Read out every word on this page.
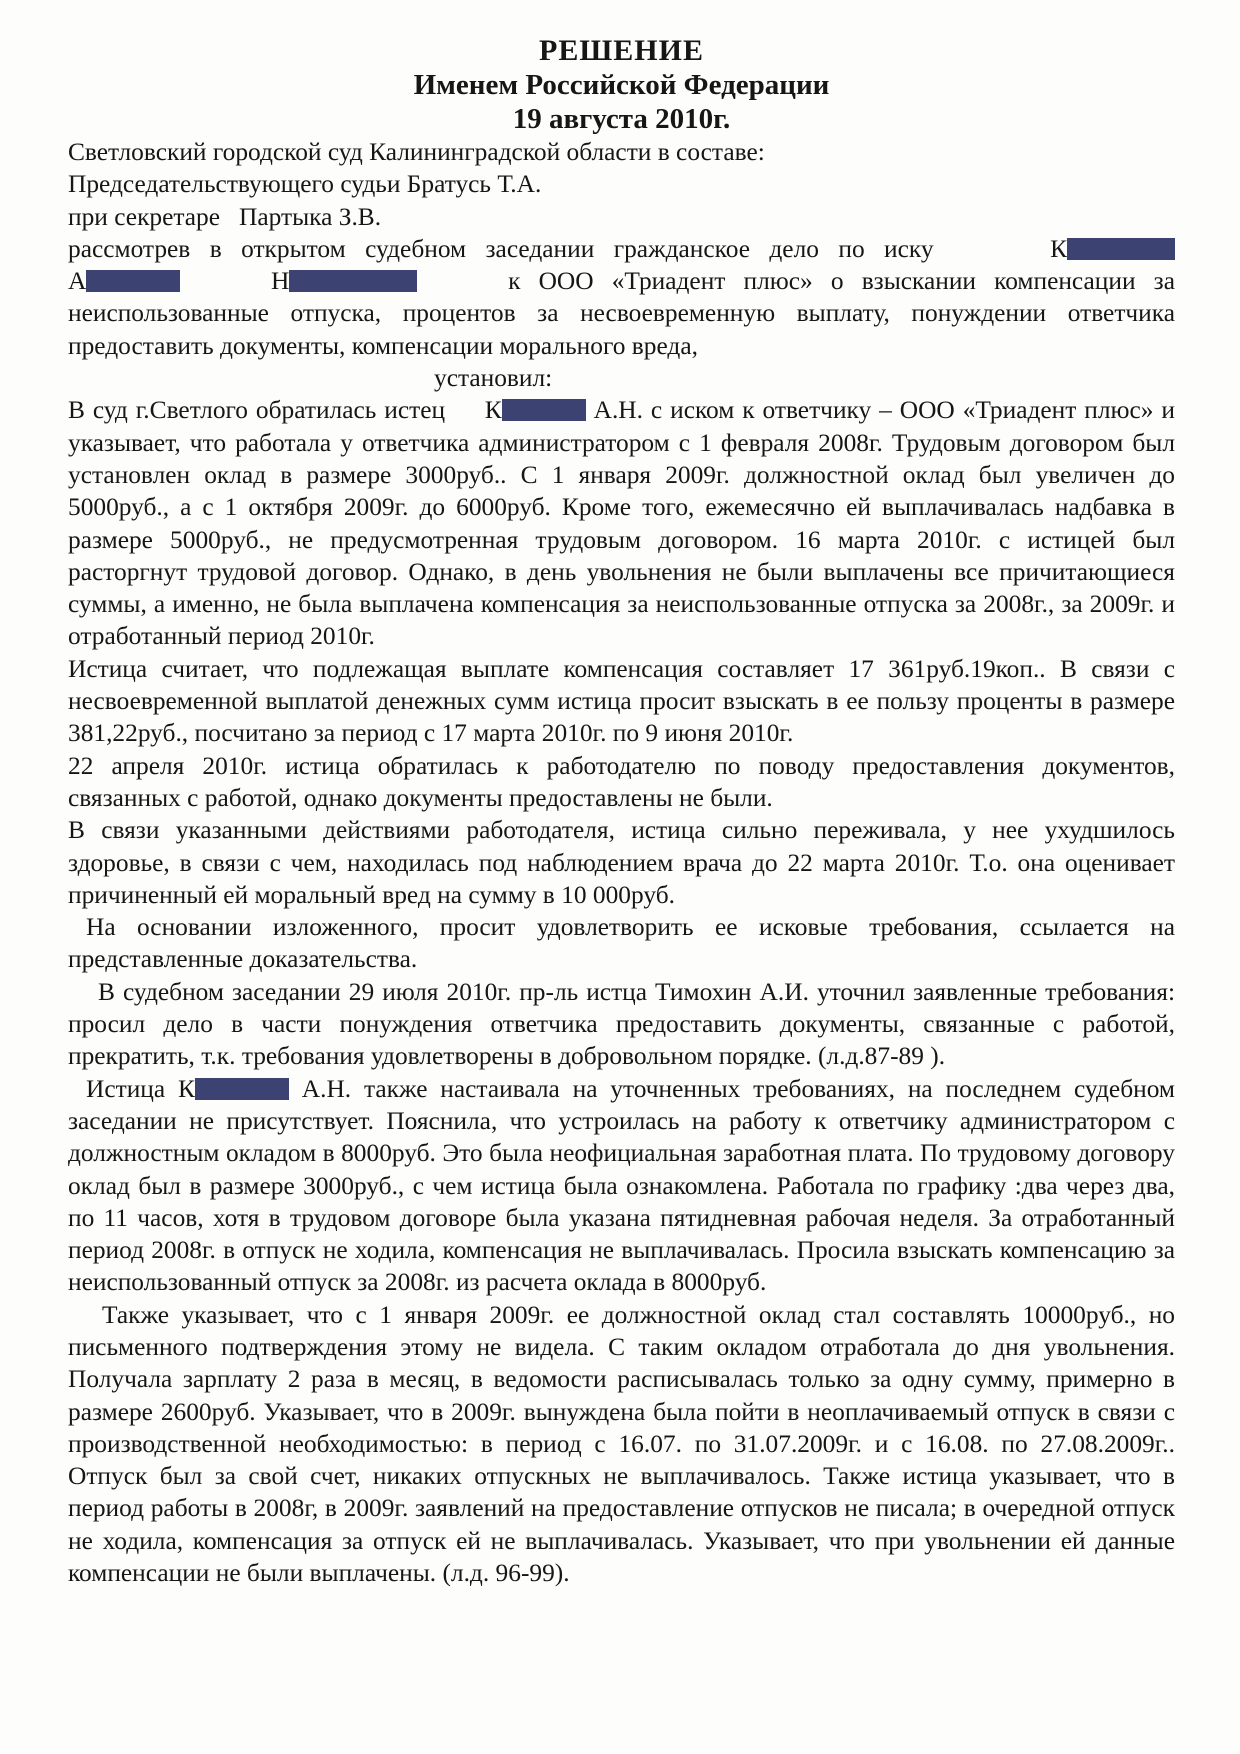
РЕШЕНИЕ
Именем Российской Федерации
19 августа 2010г.
Светловский городской суд Калининградской области в составе:
Председательствующего судьи Братусь Т.А.
при секретаре   Партыка З.В.

рассмотрев в открытом судебном заседании гражданское дело по иску	К
А	Н	к ООО «Триадент плюс» о взыскании компенсации за неиспользованные отпуска, процентов за несвоевременную выплату, понуждении ответчика предоставить документы, компенсации морального вреда,

установил:

В суд г.Светлого обратилась истец К	А.Н. с иском к ответчику – ООО «Триадент плюс» и указывает, что работала у ответчика администратором с 1 февраля 2008г. Трудовым договором был установлен оклад в размере 3000руб.. С 1 января 2009г. должностной оклад был увеличен до 5000руб., а с 1 октября 2009г. до 6000руб. Кроме того, ежемесячно ей выплачивалась надбавка в размере 5000руб., не предусмотренная трудовым договором. 16 марта 2010г. с истицей был расторгнут трудовой договор. Однако, в день увольнения не были выплачены все причитающиеся суммы, а именно, не была выплачена компенсация за неиспользованные отпуска за 2008г., за 2009г. и отработанный период 2010г.

Истица считает, что подлежащая выплате компенсация составляет 17 361руб.19коп.. В связи с несвоевременной выплатой денежных сумм истица просит взыскать в ее пользу проценты в размере 381,22руб., посчитано за период с 17 марта 2010г. по 9 июня 2010г.

22 апреля 2010г. истица обратилась к работодателю по поводу предоставления документов, связанных с работой, однако документы предоставлены не были.

В связи указанными действиями работодателя, истица сильно переживала, у нее ухудшилось здоровье, в связи с чем, находилась под наблюдением врача до 22 марта 2010г. Т.о. она оценивает причиненный ей моральный вред на сумму в 10 000руб.

На основании изложенного, просит удовлетворить ее исковые требования, ссылается на представленные доказательства.

В судебном заседании 29 июля 2010г. пр-ль истца Тимохин А.И. уточнил заявленные требования: просил дело в части понуждения ответчика предоставить документы, связанные с работой, прекратить, т.к. требования удовлетворены в добровольном порядке. (л.д.87-89 ).

Истица К	А.Н. также настаивала на уточненных требованиях, на последнем судебном заседании не присутствует. Пояснила, что устроилась на работу к ответчику администратором с должностным окладом в 8000руб. Это была неофициальная заработная плата. По трудовому договору оклад был в размере 3000руб., с чем истица была ознакомлена. Работала по графику :два через два, по 11 часов, хотя в трудовом договоре была указана пятидневная рабочая неделя. За отработанный период 2008г. в отпуск не ходила, компенсация не выплачивалась. Просила взыскать компенсацию за неиспользованный отпуск за 2008г. из расчета оклада в 8000руб.

Также указывает, что с 1 января 2009г. ее должностной оклад стал составлять 10000руб., но письменного подтверждения этому не видела. С таким окладом отработала до дня увольнения. Получала зарплату 2 раза в месяц, в ведомости расписывалась только за одну сумму, примерно в размере 2600руб. Указывает, что в 2009г. вынуждена была пойти в неоплачиваемый отпуск в связи с производственной необходимостью: в период с 16.07. по 31.07.2009г. и с 16.08. по 27.08.2009г.. Отпуск был за свой счет, никаких отпускных не выплачивалось. Также истица указывает, что в период работы в 2008г, в 2009г. заявлений на предоставление отпусков не писала; в очередной отпуск не ходила, компенсация за отпуск ей не выплачивалась. Указывает, что при увольнении ей данные компенсации не были выплачены. (л.д. 96-99).
